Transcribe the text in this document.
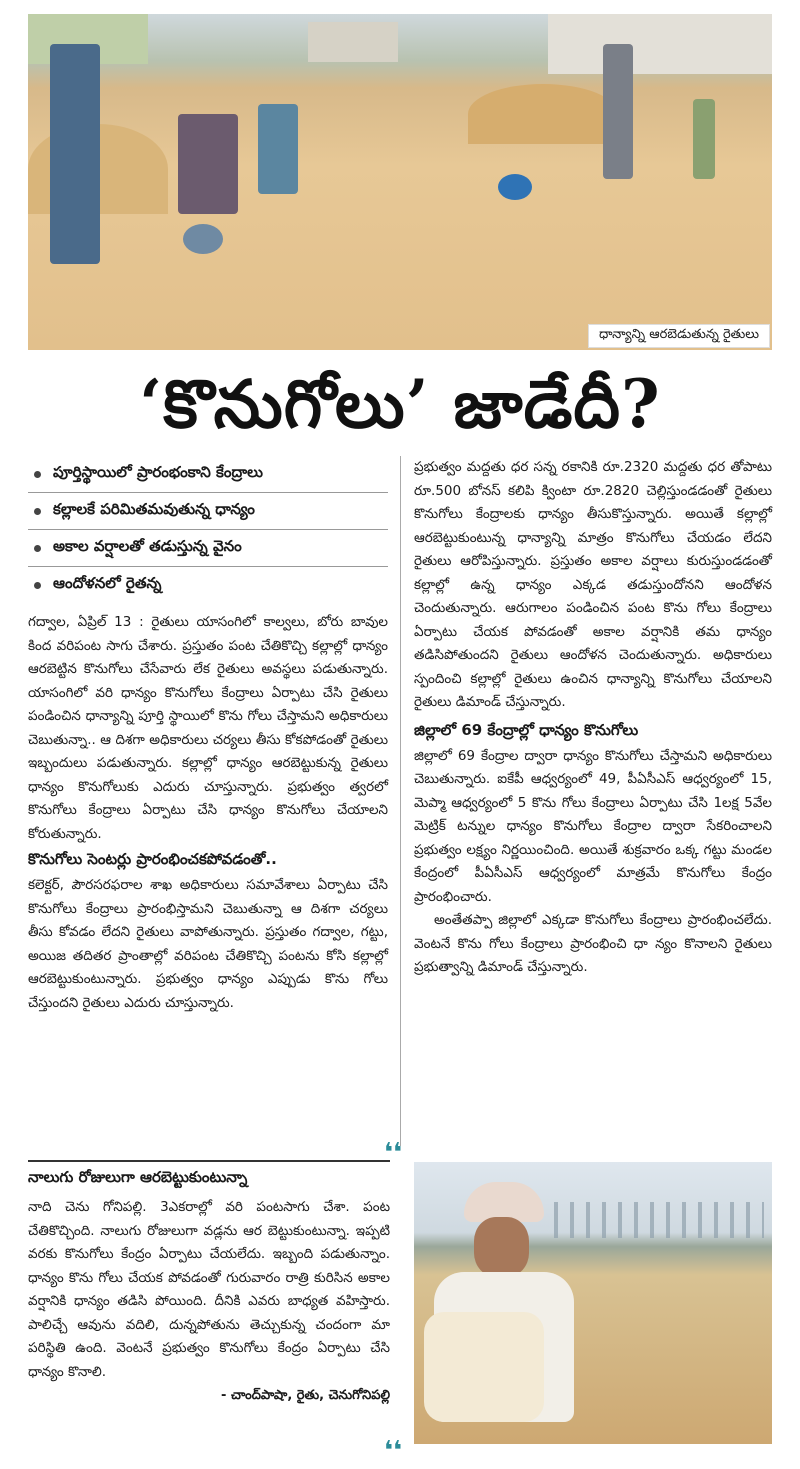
ధాన్యాన్ని ఆరబెడుతున్న రైతులు
‘కొనుగోలు’ జాడేదీ?
పూర్తిస్థాయిలో ప్రారంభంకాని కేంద్రాలు
కల్లాలకే పరిమితమవుతున్న ధాన్యం
అకాల వర్షాలతో తడుస్తున్న వైనం
ఆందోళనలో రైతన్న

గద్వాల, ఏప్రిల్ 13 : రైతులు యాసంగిలో కాల్వలు, బోరు బావుల కింద వరిపంట సాగు చేశారు. ప్రస్తుతం పంట చేతికొచ్చి కల్లాల్లో ధాన్యం ఆరబెట్టిన కొనుగోలు చేసేవారు లేక రైతులు అవస్థలు పడుతున్నారు. యాసంగిలో వరి ధాన్యం కొనుగోలు కేంద్రాలు ఏర్పాటు చేసి రైతులు పండించిన ధాన్యాన్ని పూర్తి స్థాయిలో కొను గోలు చేస్తామని అధికారులు చెబుతున్నా.. ఆ దిశగా అధికారులు చర్యలు తీసు కోకపోడంతో రైతులు ఇబ్బందులు పడుతున్నారు. కల్లాల్లో ధాన్యం ఆరబెట్టుకున్న రైతులు ధాన్యం కొనుగోలుకు ఎదురు చూస్తున్నారు. ప్రభుత్వం త్వరలో కొనుగోలు కేంద్రాలు ఏర్పాటు చేసి ధాన్యం కొనుగోలు చేయాలని కోరుతున్నారు.

కొనుగోలు సెంటర్లు ప్రారంభించకపోవడంతో..

కలెక్టర్, పౌరసరఫరాల శాఖ అధికారులు సమావేశాలు ఏర్పాటు చేసి కొనుగోలు కేంద్రాలు ప్రారంభిస్తామని చెబుతున్నా ఆ దిశగా చర్యలు తీసు కోవడం లేదని రైతులు వాపోతున్నారు. ప్రస్తుతం గద్వాల, గట్టు, అయిజ తదితర ప్రాంతాల్లో వరిపంట చేతికొచ్చి పంటను కోసి కల్లాల్లో ఆరబెట్టుకుంటున్నారు. ప్రభుత్వం ధాన్యం ఎప్పుడు కొను గోలు చేస్తుందని రైతులు ఎదురు చూస్తున్నారు.

ప్రభుత్వం మద్దతు ధర సన్న రకానికి రూ.2320 మద్దతు ధర తోపాటు రూ.500 బోనస్ కలిపి క్వింటా రూ.2820 చెల్లిస్తుండడంతో రైతులు కొనుగోలు కేంద్రాలకు ధాన్యం తీసుకొస్తున్నారు. అయితే కల్లాల్లో ఆరబెట్టుకుంటున్న ధాన్యాన్ని మాత్రం కొనుగోలు చేయడం లేదని రైతులు ఆరోపిస్తున్నారు. ప్రస్తుతం అకాల వర్షాలు కురుస్తుండడంతో కల్లాల్లో ఉన్న ధాన్యం ఎక్కడ తడుస్తుందోనని ఆందోళన చెందుతున్నారు. ఆరుగాలం పండించిన పంట కొను గోలు కేంద్రాలు ఏర్పాటు చేయక పోవడంతో అకాల వర్షానికి తమ ధాన్యం తడిసిపోతుందని రైతులు ఆందోళన చెందుతున్నారు. అధికారులు స్పందించి కల్లాల్లో రైతులు ఉంచిన ధాన్యాన్ని కొనుగోలు చేయాలని రైతులు డిమాండ్ చేస్తున్నారు.

జిల్లాలో 69 కేంద్రాల్లో ధాన్యం కొనుగోలు

జిల్లాలో 69 కేంద్రాల ద్వారా ధాన్యం కొనుగోలు చేస్తామని అధికారులు చెబుతున్నారు. ఐకేపీ ఆధ్వర్యంలో 49, పీఏసీఎస్ ఆధ్వర్యంలో 15, మెప్మా ఆధ్వర్యంలో 5 కొను గోలు కేంద్రాలు ఏర్పాటు చేసి 1లక్ష 5వేల మెట్రిక్ టన్నుల ధాన్యం కొనుగోలు కేంద్రాల ద్వారా సేకరించాలని ప్రభుత్వం లక్ష్యం నిర్ణయించింది. అయితే శుక్రవారం ఒక్క గట్టు మండల కేంద్రంలో పీఏసీఎస్ ఆధ్వర్యంలో మాత్రమే కొనుగోలు కేంద్రం ప్రారంభించారు.

అంతేతప్పా జిల్లాలో ఎక్కడా కొనుగోలు కేంద్రాలు ప్రారంభించలేదు. వెంటనే కొను గోలు కేంద్రాలు ప్రారంభించి ధా న్యం కొనాలని రైతులు ప్రభుత్వాన్ని డిమాండ్ చేస్తున్నారు.

❛❛
నాలుగు రోజులుగా ఆరబెట్టుకుంటున్నా

నాది చెను గోనిపల్లి. 3ఎకరాల్లో వరి పంటసాగు చేశా. పంట చేతికొచ్చింది. నాలుగు రోజులుగా వడ్లను ఆర బెట్టుకుంటున్నా. ఇప్పటి వరకు కొనుగోలు కేంద్రం ఏర్పాటు చేయలేదు. ఇబ్బంది పడుతున్నాం. ధాన్యం కొను గోలు చేయక పోవడంతో గురువారం రాత్రి కురిసిన అకాల వర్షానికి ధాన్యం తడిసి పోయింది. దీనికి ఎవరు బాధ్యత వహిస్తారు. పాలిచ్చే ఆవును వదిలి, దున్నపోతును తెచ్చుకున్న చందంగా మా పరిస్థితి ఉంది. వెంటనే ప్రభుత్వం కొనుగోలు కేంద్రం ఏర్పాటు చేసి ధాన్యం కొనాలి.

- చాంద్‌పాషా, రైతు, చెనుగోనిపల్లి
❛❛
